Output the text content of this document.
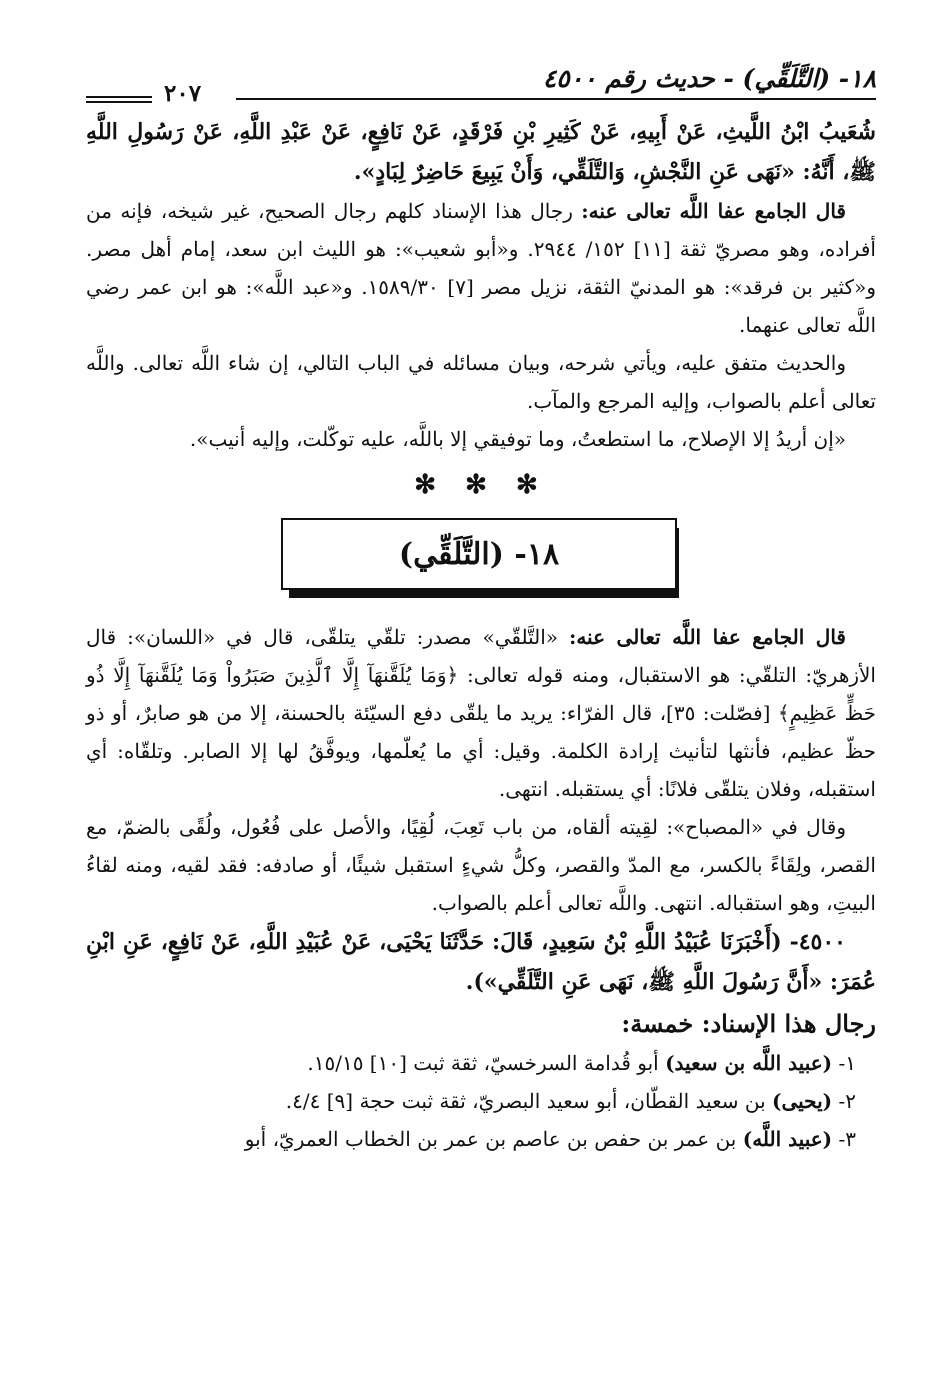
١٨- (التَّلَقِّي) - حديث رقم ٤٥٠٠
٢٠٧

شُعَيبُ ابْنُ اللَّيثِ، عَنْ أَبِيهِ، عَنْ كَثِيرِ بْنِ فَرْقَدٍ، عَنْ نَافِعٍ، عَنْ عَبْدِ اللَّهِ، عَنْ رَسُولِ اللَّهِ ﷺ، أَنَّهُ: «نَهَى عَنِ النَّجْشِ، وَالتَّلَقِّي، وَأَنْ يَبِيعَ حَاضِرٌ لِبَادٍ».

قال الجامع عفا اللَّه تعالى عنه: رجال هذا الإسناد كلهم رجال الصحيح، غير شيخه، فإنه من أفراده، وهو مصريّ ثقة [١١] ١٥٢/ ٢٩٤٤. و«أبو شعيب»: هو الليث ابن سعد، إمام أهل مصر. و«كثير بن فرقد»: هو المدنيّ الثقة، نزيل مصر [٧] ١٥٨٩/٣٠. و«عبد اللَّه»: هو ابن عمر رضي اللَّه تعالى عنهما.

والحديث متفق عليه، ويأتي شرحه، وبيان مسائله في الباب التالي، إن شاء اللَّه تعالى. واللَّه تعالى أعلم بالصواب، وإليه المرجع والمآب.

«إن أريدُ إلا الإصلاح، ما استطعتُ، وما توفيقي إلا باللَّه، عليه توكّلت، وإليه أنيب».

✻ ✻ ✻
١٨- (التَّلَقِّي)

قال الجامع عفا اللَّه تعالى عنه: «التَّلقّي» مصدر: تلقّي يتلقّى، قال في «اللسان»: قال الأزهريّ: التلقّي: هو الاستقبال، ومنه قوله تعالى: ﴿وَمَا يُلَقَّنهَآ إِلَّا ٱلَّذِينَ صَبَرُواْ وَمَا يُلَقَّنهَآ إِلَّا ذُو حَظٍّ عَظِيمٍ﴾ [فصّلت: ٣٥]، قال الفرّاء: يريد ما يلقّى دفع السيّئة بالحسنة، إلا من هو صابرٌ، أو ذو حظّ عظيم، فأنثها لتأنيث إرادة الكلمة. وقيل: أي ما يُعلّمها، ويوفَّقُ لها إلا الصابر. وتلقّاه: أي استقبله، وفلان يتلقّى فلانًا: أي يستقبله. انتهى.

وقال في «المصباح»: لقِيته ألقاه، من باب تَعِبَ، لُقِيًا، والأصل على فُعُول، ولُقًى بالضمّ، مع القصر، ولِقَاءً بالكسر، مع المدّ والقصر، وكلُّ شيءٍ استقبل شيئًا، أو صادفه: فقد لقيه، ومنه لقاءُ البيتِ، وهو استقباله. انتهى. واللَّه تعالى أعلم بالصواب.

٤٥٠٠- (أَخْبَرَنَا عُبَيْدُ اللَّهِ بْنُ سَعِيدٍ، قَالَ: حَدَّثَنَا يَحْيَى، عَنْ عُبَيْدِ اللَّهِ، عَنْ نَافِعٍ، عَنِ ابْنِ عُمَرَ: «أَنَّ رَسُولَ اللَّهِ ﷺ، نَهَى عَنِ التَّلَقِّي»).

رجال هذا الإسناد: خمسة:

١- (عبيد اللَّه بن سعيد) أبو قُدامة السرخسيّ، ثقة ثبت [١٠] ١٥/١٥.

٢- (يحيى) بن سعيد القطّان، أبو سعيد البصريّ، ثقة ثبت حجة [٩] ٤/٤.

٣- (عبيد اللَّه) بن عمر بن حفص بن عاصم بن عمر بن الخطاب العمريّ، أبو
